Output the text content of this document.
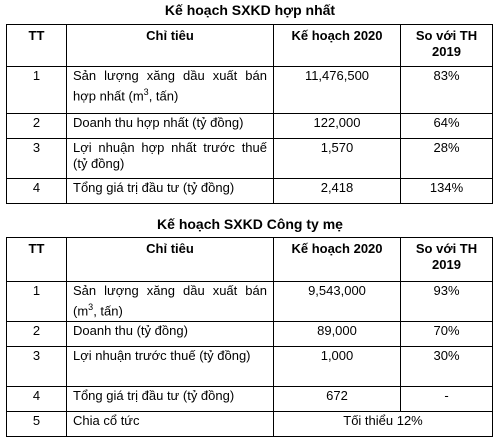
Kế hoạch SXKD hợp nhất
TT	Chỉ tiêu	Kế hoạch 2020	So với TH 2019
1	Sản lượng xăng dầu xuất bán hợp nhất ($m^3$, tấn)	11,476,500	83%
2	Doanh thu hợp nhất (tỷ đồng)	122,000	64%
3	Lợi nhuận hợp nhất trước thuế (tỷ đồng)	1,570	28%
4	Tổng giá trị đầu tư (tỷ đồng)	2,418	134%
Kế hoạch SXKD Công ty mẹ
TT	Chỉ tiêu	Kế hoạch 2020	So với TH 2019
1	Sản lượng xăng dầu xuất bán ($m^3$, tấn)	9,543,000	93%
2	Doanh thu (tỷ đồng)	89,000	70%
3	Lợi nhuận trước thuế (tỷ đồng)	1,000	30%
4	Tổng giá trị đầu tư (tỷ đồng)	672	-
5	Chia cổ tức	Tối thiểu 12%	
